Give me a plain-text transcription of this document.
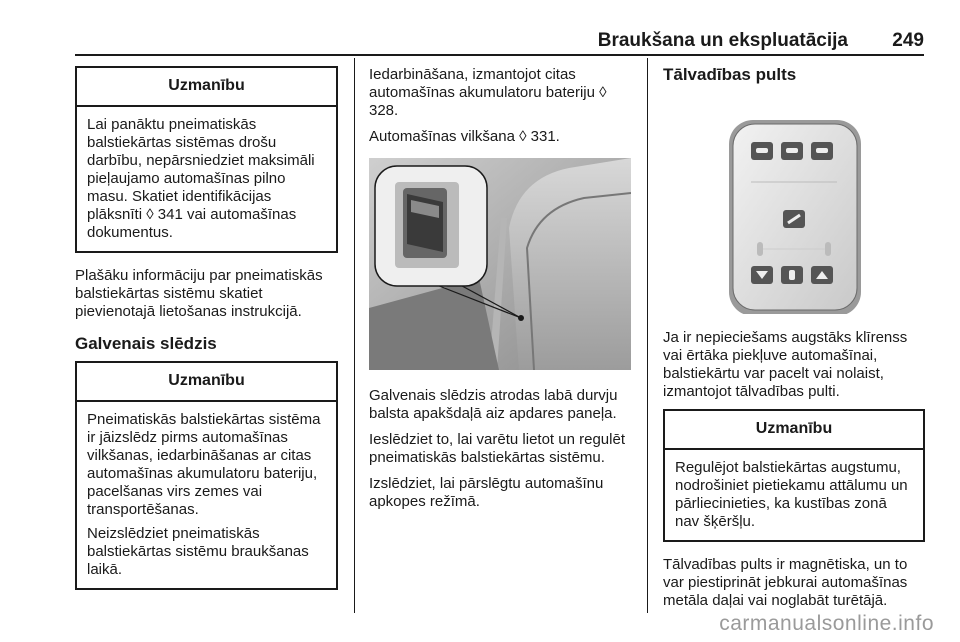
Braukšana un ekspluatācija 249
Uzmanību

Lai panāktu pneimatiskās balstiekārtas sistēmas drošu darbību, nepārsniedziet maksimāli pieļaujamo automašīnas pilno masu. Skatiet identifikācijas plāksnīti ◊ 341 vai automašīnas dokumentus.

Plašāku informāciju par pneimatiskās balstiekārtas sistēmu skatiet pievienotajā lietošanas instrukcijā.

Galvenais slēdzis
Uzmanību

Pneimatiskās balstiekārtas sistēma ir jāizslēdz pirms automašīnas vilkšanas, iedarbināšanas ar citas automašīnas akumulatoru bateriju, pacelšanas virs zemes vai transportēšanas.

Neizslēdziet pneimatiskās balstiekārtas sistēmu braukšanas laikā.

Iedarbināšana, izmantojot citas automašīnas akumulatoru bateriju ◊ 328.

Automašīnas vilkšana ◊ 331.

Galvenais slēdzis atrodas labā durvju balsta apakšdaļā aiz apdares paneļa.

Ieslēdziet to, lai varētu lietot un regulēt pneimatiskās balstiekārtas sistēmu.

Izslēdziet, lai pārslēgtu automašīnu apkopes režīmā.

Tālvadības pults

Ja ir nepieciešams augstāks klīrenss vai ērtāka piekļuve automašīnai, balstiekārtu var pacelt vai nolaist, izmantojot tālvadības pulti.

Uzmanību

Regulējot balstiekārtas augstumu, nodrošiniet pietiekamu attālumu un pārliecinieties, ka kustības zonā nav šķēršļu.

Tālvadības pults ir magnētiska, un to var piestiprināt jebkurai automašīnas metāla daļai vai noglabāt turētājā.

carmanualsonline.info
